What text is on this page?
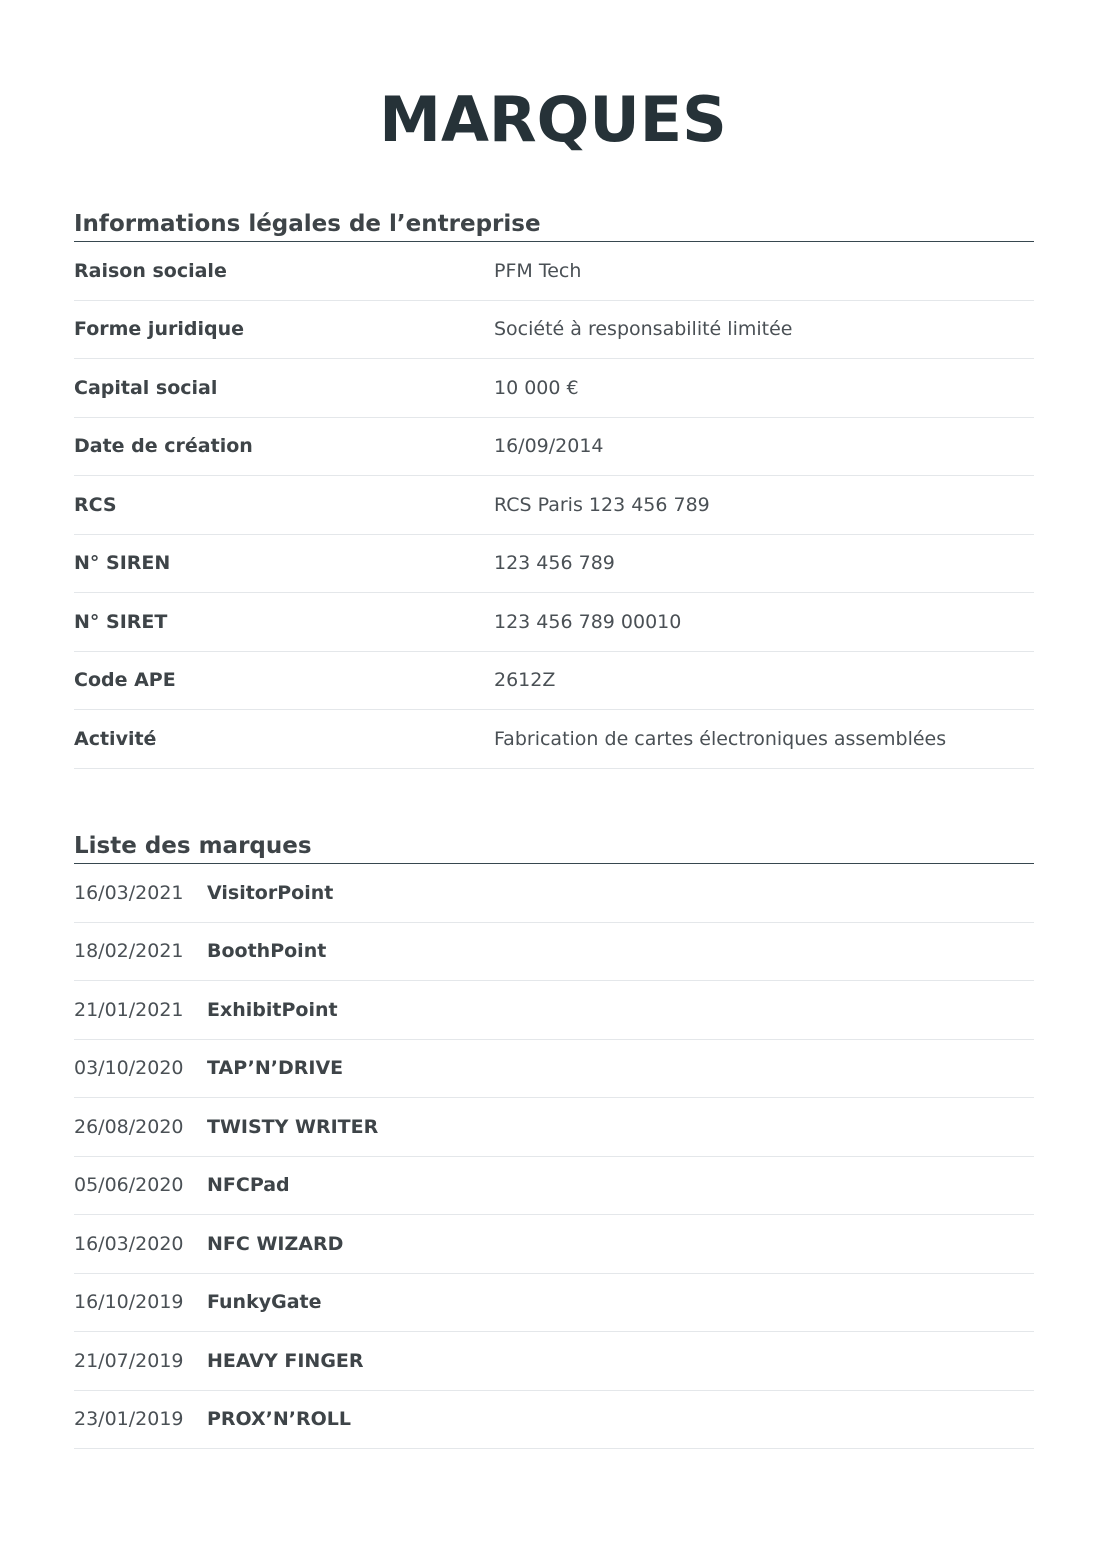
MARQUES
Informations légales de l’entreprise
Raison sociale	PFM Tech
Forme juridique	Société à responsabilité limitée
Capital social	10 000 €
Date de création	16/09/2014
RCS	RCS Paris 123 456 789
N° SIREN	123 456 789
N° SIRET	123 456 789 00010
Code APE	2612Z
Activité	Fabrication de cartes électroniques assemblées
Liste des marques
16/03/2021	VisitorPoint
18/02/2021	BoothPoint
21/01/2021	ExhibitPoint
03/10/2020	TAP’N’DRIVE
26/08/2020	TWISTY WRITER
05/06/2020	NFCPad
16/03/2020	NFC WIZARD
16/10/2019	FunkyGate
21/07/2019	HEAVY FINGER
23/01/2019	PROX’N’ROLL
